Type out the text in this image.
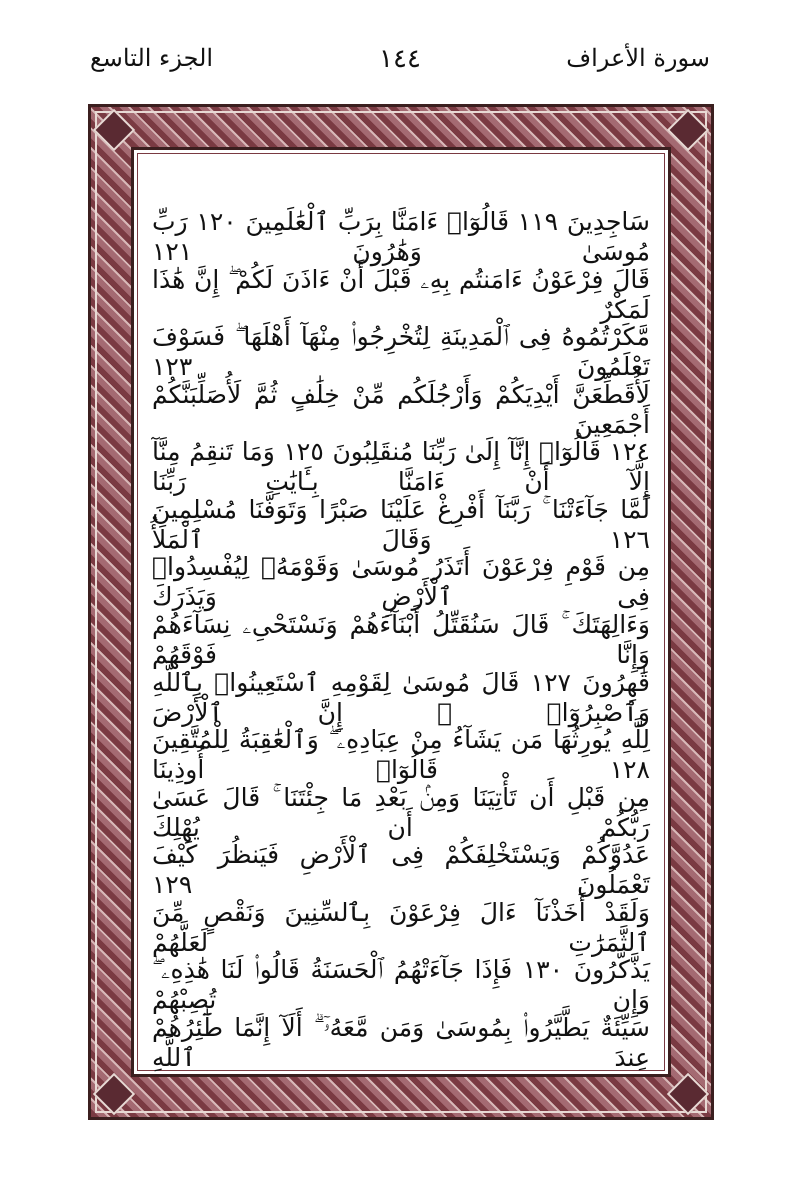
الجزء التاسع	١٤٤	سورة الأعراف
سَاجِدِينَ ١١٩ قَالُوٓا۟ ءَامَنَّا بِرَبِّ ٱلْعَٰلَمِينَ ١٢٠ رَبِّ مُوسَىٰ وَهَٰرُونَ ١٢١
قَالَ فِرْعَوْنُ ءَامَنتُم بِهِۦ قَبْلَ أَنْ ءَاذَنَ لَكُمْ ۖ إِنَّ هَٰذَا لَمَكْرٌ
مَّكَرْتُمُوهُ فِى ٱلْمَدِينَةِ لِتُخْرِجُوا۟ مِنْهَآ أَهْلَهَا ۖ فَسَوْفَ تَعْلَمُونَ ١٢٣
لَأُقَطِّعَنَّ أَيْدِيَكُمْ وَأَرْجُلَكُم مِّنْ خِلَٰفٍ ثُمَّ لَأُصَلِّبَنَّكُمْ أَجْمَعِينَ
١٢٤ قَالُوٓا۟ إِنَّآ إِلَىٰ رَبِّنَا مُنقَلِبُونَ ١٢٥ وَمَا تَنقِمُ مِنَّآ إِلَّآ أَنْ ءَامَنَّا بِـَٔايَٰتِ رَبِّنَا
لَمَّا جَآءَتْنَا ۚ رَبَّنَآ أَفْرِغْ عَلَيْنَا صَبْرًا وَتَوَفَّنَا مُسْلِمِينَ ١٢٦ وَقَالَ ٱلْمَلَأُ
مِن قَوْمِ فِرْعَوْنَ أَتَذَرُ مُوسَىٰ وَقَوْمَهُۥ لِيُفْسِدُوا۟ فِى ٱلْأَرْضِ وَيَذَرَكَ
وَءَالِهَتَكَ ۚ قَالَ سَنُقَتِّلُ أَبْنَآءَهُمْ وَنَسْتَحْىِۦ نِسَآءَهُمْ وَإِنَّا فَوْقَهُمْ
قَٰهِرُونَ ١٢٧ قَالَ مُوسَىٰ لِقَوْمِهِ ٱسْتَعِينُوا۟ بِٱللَّهِ وَٱصْبِرُوٓا۟ ۖ إِنَّ ٱلْأَرْضَ
لِلَّهِ يُورِثُهَا مَن يَشَآءُ مِنْ عِبَادِهِۦ ۖ وَٱلْعَٰقِبَةُ لِلْمُتَّقِينَ ١٢٨ قَالُوٓا۟ أُوذِينَا
مِن قَبْلِ أَن تَأْتِيَنَا وَمِنۢ بَعْدِ مَا جِئْتَنَا ۚ قَالَ عَسَىٰ رَبُّكُمْ أَن يُهْلِكَ
عَدُوَّكُمْ وَيَسْتَخْلِفَكُمْ فِى ٱلْأَرْضِ فَيَنظُرَ كَيْفَ تَعْمَلُونَ ١٢٩
وَلَقَدْ أَخَذْنَآ ءَالَ فِرْعَوْنَ بِٱلسِّنِينَ وَنَقْصٍ مِّنَ ٱلثَّمَرَٰتِ لَعَلَّهُمْ
يَذَّكَّرُونَ ١٣٠ فَإِذَا جَآءَتْهُمُ ٱلْحَسَنَةُ قَالُوا۟ لَنَا هَٰذِهِۦ ۖ وَإِن تُصِبْهُمْ
سَيِّئَةٌ يَطَّيَّرُوا۟ بِمُوسَىٰ وَمَن مَّعَهُۥٓ ۗ أَلَآ إِنَّمَا طَٰٓئِرُهُمْ عِندَ ٱللَّهِ
